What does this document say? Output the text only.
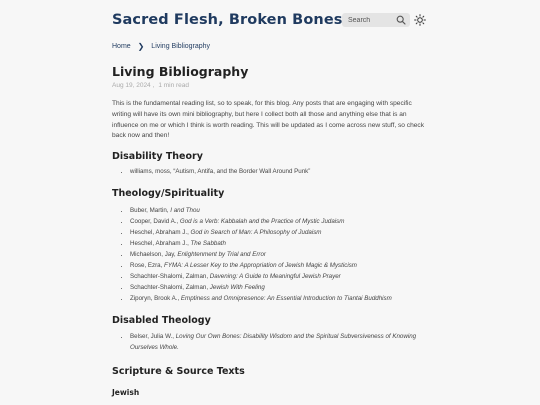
Sacred Flesh, Broken Bones
Search
Home ❯ Living Bibliography
Living Bibliography
Aug 19, 2024 , 1 min read

This is the fundamental reading list, so to speak, for this blog. Any posts that are engaging with specific writing will have its own mini bibliography, but here I collect both all those and anything else that is an influence on me or which I think is worth reading. This will be updated as I come across new stuff, so check back now and then!

Disability Theory
• williams, moss, “Autism, Antifa, and the Border Wall Around Punk”
Theology/Spirituality
• Buber, Martin, I and Thou
• Cooper, David A., God is a Verb: Kabbalah and the Practice of Mystic Judaism
• Heschel, Abraham J., God in Search of Man: A Philosophy of Judaism
• Heschel, Abraham J., The Sabbath
• Michaelson, Jay, Enlightenment by Trial and Error
• Rose, Ezra, FYMA: A Lesser Key to the Appropriation of Jewish Magic & Mysticism
• Schachter-Shalomi, Zalman, Davening: A Guide to Meaningful Jewish Prayer
• Schachter-Shalomi, Zalman, Jewish With Feeling
• Ziporyn, Brook A., Emptiness and Omnipresence: An Essential Introduction to Tiantai Buddhism
Disabled Theology
• Belser, Julia W., Loving Our Own Bones: Disability Wisdom and the Spiritual Subversiveness of Knowing Ourselves Whole.
Scripture & Source Texts
Jewish
